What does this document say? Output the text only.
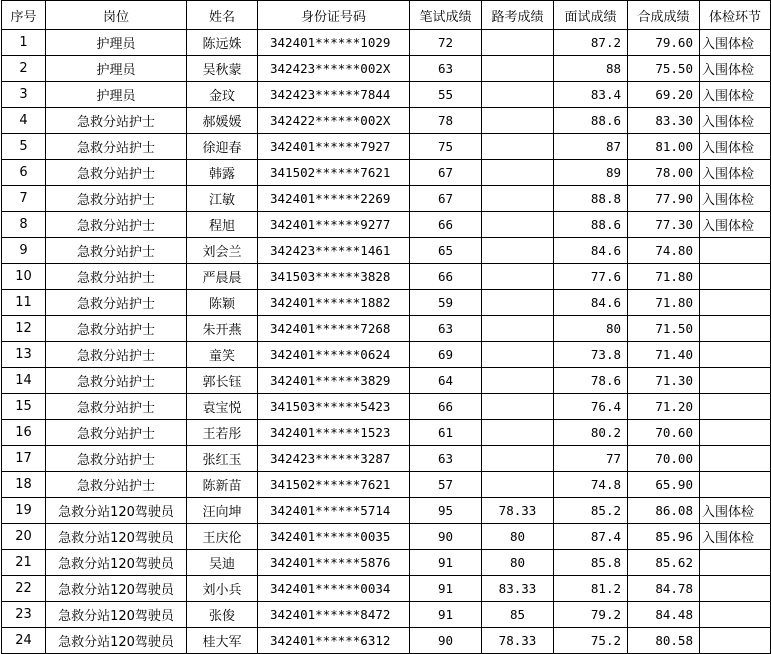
序号	岗位	姓名	身份证号码	笔试成绩	路考成绩	面试成绩	合成成绩	体检环节
1	护理员	陈远姝	342401******1029	72		87.2	79.60	入围体检
2	护理员	吴秋蒙	342423******002X	63		88	75.50	入围体检
3	护理员	金玟	342423******7844	55		83.4	69.20	入围体检
4	急救分站护士	郝媛媛	342422******002X	78		88.6	83.30	入围体检
5	急救分站护士	徐迎春	342401******7927	75		87	81.00	入围体检
6	急救分站护士	韩露	341502******7621	67		89	78.00	入围体检
7	急救分站护士	江敏	342401******2269	67		88.8	77.90	入围体检
8	急救分站护士	程旭	342401******9277	66		88.6	77.30	入围体检
9	急救分站护士	刘会兰	342423******1461	65		84.6	74.80	
10	急救分站护士	严晨晨	341503******3828	66		77.6	71.80	
11	急救分站护士	陈颖	342401******1882	59		84.6	71.80	
12	急救分站护士	朱开燕	342401******7268	63		80	71.50	
13	急救分站护士	童笑	342401******0624	69		73.8	71.40	
14	急救分站护士	郭长钰	342401******3829	64		78.6	71.30	
15	急救分站护士	袁宝悦	341503******5423	66		76.4	71.20	
16	急救分站护士	王若彤	342401******1523	61		80.2	70.60	
17	急救分站护士	张红玉	342423******3287	63		77	70.00	
18	急救分站护士	陈新苗	341502******7621	57		74.8	65.90	
19	急救分站120驾驶员	汪向坤	342401******5714	95	78.33	85.2	86.08	入围体检
20	急救分站120驾驶员	王庆伦	342401******0035	90	80	87.4	85.96	入围体检
21	急救分站120驾驶员	吴迪	342401******5876	91	80	85.8	85.62	
22	急救分站120驾驶员	刘小兵	342401******0034	91	83.33	81.2	84.78	
23	急救分站120驾驶员	张俊	342401******8472	91	85	79.2	84.48	
24	急救分站120驾驶员	桂大军	342401******6312	90	78.33	75.2	80.58	
